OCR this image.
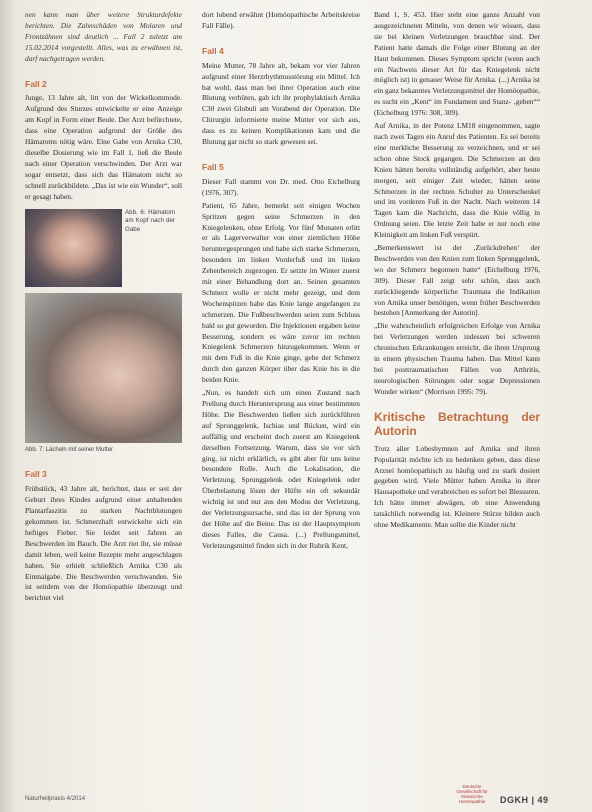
nen kann man über weitere Strukturdefekte berichten. Die Zahnschäden von Molaren und Frontzähnen sind deutlich ... Fall 2 zuletzt am 15.02.2014 vorgestellt. Alles, was zu erwähnen ist, darf nachgetragen werden.

Fall 2

Junge, 13 Jahre alt, litt von der Wickelkommode. Aufgrund des Sturzes entwickelte er eine Anzeige am Kopf in Form einer Beule. Der Arzt befürchtete, dass eine Operation aufgrund der Größe des Hämatoms nötig wäre. Eine Gabe von Arnika C30, dieselbe Dosierung wie im Fall 1, ließ die Beule nach einer Operation verschwinden. Der Arzt war sogar entsetzt, dass sich das Hämatom nicht so schnell zurückbildete. „Das ist wie ein Wunder“, soll er gesagt haben.

Abb. 6: Hämatom am Kopf nach der Gabe
Abb. 7: Lächeln mit seiner Mutter
Fall 3

Frühstück, 43 Jahre alt, berichtet, dass er seit der Geburt ihres Kindes aufgrund einer anhaltenden Plantarfaszitis zu starken Nachtblutungen gekommen ist. Schmerzhaft entwickelte sich ein heftiges Fieber. Sie leidet seit Jahren an Beschwerden im Bauch. Die Arzt riet ihr, sie müsse damit leben, weil keine Rezepte mehr angeschlagen haben. Sie erhielt schließlich Arnika C30 als Einmalgabe. Die Beschwerden verschwanden. Sie ist seitdem von der Homöopathie überzeugt und berichtet viel

dort lobend erwähnt (Homöopathische Arbeitskreise Fall Fälle).

Fall 4

Meine Mutter, 78 Jahre alt, bekam vor vier Jahren aufgrund einer Herzrhythmusstörung ein Mittel. Ich bat wohl, dass man bei ihrer Operation auch eine Blutung verhüten, gab ich ihr prophylaktisch Arnika C30 zwei Globuli am Vorabend der Operation. Die Chirurgin informierte meine Mutter vor sich aus, dass es zu keinen Komplikationen kam und die Blutung gar nicht so stark gewesen sei.

Fall 5

Dieser Fall stammt von Dr. med. Otto Eichelburg (1976, 307).

Patient, 65 Jahre, bemerkt seit einigen Wochen Spritzen gegen seine Schmerzen in den Kniegelenken, ohne Erfolg. Vor fünf Monaten erlitt er als Lagerverwalter von einer ziemlichen Höhe heruntergesprungen und habe sich starke Schmerzen, besonders im linken Vorderfuß und im linken Zehenbereich zugezogen. Er setzte im Winter zuerst mit einer Behandlung dort an. Seinen gesamten Schmerz wolle er nicht mehr gezeigt, und dem Wochenspitzen habe das Knie lange angefangen zu schmerzen. Die Fußbeschwerden seien zum Schluss bald so gut geworden. Die Injektionen ergaben keine Besserung, sondern es wäre zuvor im rechten Kniegelenk Schmerzen hinzugekommen. Wenn er mit dem Fuß in die Knie ginge, gehe der Schmerz durch den ganzen Körper über das Knie bis in die beiden Knie.

„Nun, es handelt sich um einen Zustand nach Prellung durch Heruntersprung aus einer bestimmten Höhe. Die Beschwerden ließen sich zurückführen auf Sprunggelenk, Ischias und Rücken, wird ein auffällig und erscheint doch zuerst am Kniegelenk derselben Fortsetzung. Warum, dass sie vor sich ging, ist nicht erklärlich, es gibt aber für uns keine besondere Rolle. Auch die Lokalisation, die Verletzung, Sprunggelenk oder Kniegelenk oder Überbelastung lösen der Hüfte ein oft sekundär wichtig ist und nur aus den Modus der Verletzung, der Verletzungsursache, und das ist der Sprung von der Höhe auf die Beine. Das ist der Hauptsymptom dieses Falles, die Causa. (...) Prellungsmittel, Verletzungsmittel finden sich in der Rubrik Kent,

Band 1, S. 453. Hier steht eine ganze Anzahl von ausgezeichneten Mitteln, von denen wir wissen, dass sie bei kleinen Verletzungen brauchbar sind. Der Patient hatte damals die Folge einer Blutung an der Haut bekommen. Dieses Symptom spricht (wenn auch ein Nachweis dieser Art für das Kniegelenk nicht möglich ist) in genauer Weise für Arnika. (...) Arnika ist ein ganz bekanntes Verletzungsmittel der Homöopathie, es sucht ein „Kent“ im Fundament und Stanz- ‚geben““ (Eichelburg 1976: 308, 309).

Auf Arnika, in der Potenz LM18 eingenommen, sagte nach zwei Tagen ein Anruf des Patienten. Es sei bereits eine merkliche Besserung zu verzeichnen, und er sei schon ohne Stock gegangen. Die Schmerzen an den Knien hätten bereits vollständig aufgehört, aber heute morgen, seit einiger Zeit wieder, hätten seine Schmerzen in der rechten Schulter zu Unterschenkel und im vorderen Fuß in der Nacht. Nach weiteren 14 Tagen kam die Nachricht, dass die Knie völlig in Ordnung seien. Die letzte Zeit habe er nur noch eine Kleinigkeit am linken Fuß verspürt.

„Bemerkenswert ist der ‚Zurückdrehen‘ der Beschwerden von den Knien zum linken Sprunggelenk, wo der Schmerz begonnen hatte“ (Eichelburg 1976, 309). Dieser Fall zeigt sehr schön, dass auch zurückliegende körperliche Traumata die Indikation von Arnika unser benötigen, wenn früher Beschwerden bestehen [Anmerkung der Autorin].

„Die wahrscheinlich erfolgreichen Erfolge von Arnika bei Verletzungen werden indessen bei schweren chronischen Erkrankungen erreicht, die ihren Ursprung in einem physischen Trauma haben. Das Mittel kann bei posttraumatischen Fällen von Arthritis, neurologischen Störungen oder sogar Depressionen Wunder wirken“ (Morrison 1995: 79).

Kritische Betrachtung der Autorin

Trotz aller Lobeshymnen auf Arnika und ihren Popularität möchte ich zu bedenken geben, dass diese Arznei homöopathisch zu häufig und zu stark dosiert gegeben wird. Viele Mütter haben Arnika in ihrer Hausapotheke und verabreichen es sofort bei Blessuren. Ich hätte immer abwägen, ob eine Anwendung tatsächlich notwendig ist. Kleinere Stürze bilden auch ohne Medikamente. Man sollte die Kinder nicht

Naturheilpraxis 4/2014
Deutsche Gesellschaft für Klassische Homöopathie	DGKH | 49
